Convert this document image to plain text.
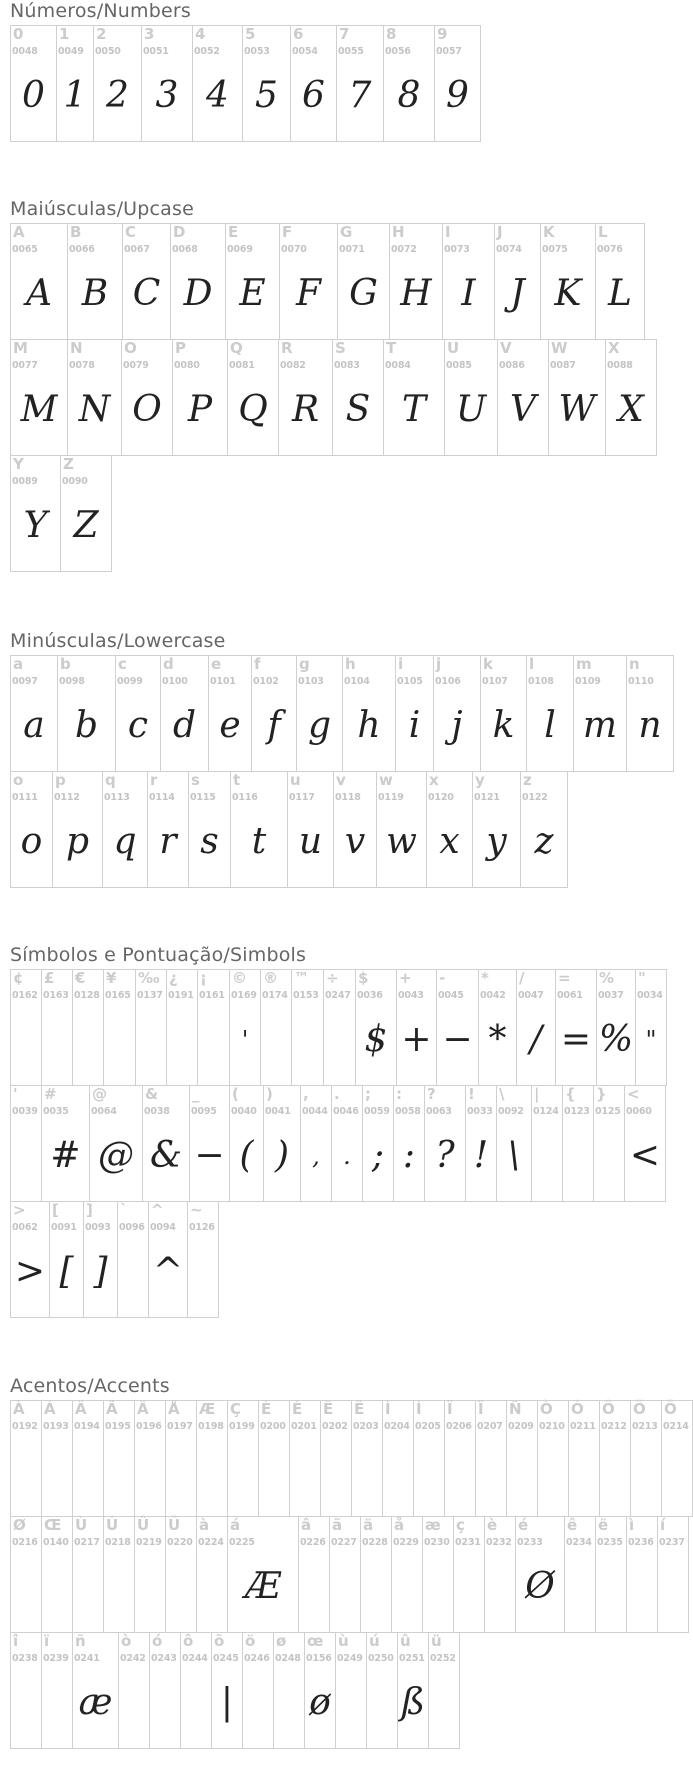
Números/Numbers
0
0048
0
1
0049
1
2
0050
2
3
0051
3
4
0052
4
5
0053
5
6
0054
6
7
0055
7
8
0056
8
9
0057
9
Maiúsculas/Upcase
A
0065
A
B
0066
B
C
0067
C
D
0068
D
E
0069
E
F
0070
F
G
0071
G
H
0072
H
I
0073
I
J
0074
J
K
0075
K
L
0076
L
M
0077
M
N
0078
N
O
0079
O
P
0080
P
Q
0081
Q
R
0082
R
S
0083
S
T
0084
T
U
0085
U
V
0086
V
W
0087
W
X
0088
X
Y
0089
Y
Z
0090
Z
Minúsculas/Lowercase
a
0097
a
b
0098
b
c
0099
c
d
0100
d
e
0101
e
f
0102
f
g
0103
g
h
0104
h
i
0105
i
j
0106
j
k
0107
k
l
0108
l
m
0109
m
n
0110
n
o
0111
o
p
0112
p
q
0113
q
r
0114
r
s
0115
s
t
0116
t
u
0117
u
v
0118
v
w
0119
w
x
0120
x
y
0121
y
z
0122
z
Símbolos e Pontuação/Simbols
¢
0162
£
0163
€
0128
¥
0165
‰
0137
¿
0191
¡
0161
©
0169
'
®
0174
™
0153
÷
0247
$
0036
$
+
0043
+
-
0045
−
*
0042
*
/
0047
/
=
0061
=
%
0037
%
"
0034
"
'
0039
#
0035
#
@
0064
@
&
0038
&
_
0095
−
(
0040
(
)
0041
)
,
0044
,
.
0046
.
;
0059
;
:
0058
:
?
0063
?
!
0033
!
\
0092
\
|
0124
{
0123
}
0125
<
0060
<
>
0062
>
[
0091
[
]
0093
]
`
0096
^
0094
^
~
0126
Acentos/Accents
À
0192
Á
0193
Â
0194
Ã
0195
Ä
0196
Å
0197
Æ
0198
Ç
0199
È
0200
É
0201
Ê
0202
Ë
0203
Ì
0204
Í
0205
Î
0206
Ï
0207
Ñ
0209
Ò
0210
Ó
0211
Ô
0212
Õ
0213
Ö
0214
Ø
0216
Œ
0140
Ù
0217
Ú
0218
Û
0219
Ü
0220
à
0224
á
0225
Æ
â
0226
ã
0227
ä
0228
å
0229
æ
0230
ç
0231
è
0232
é
0233
Ø
ê
0234
ë
0235
ì
0236
í
0237
î
0238
ï
0239
ñ
0241
æ
ò
0242
ó
0243
ô
0244
õ
0245
|
ö
0246
ø
0248
œ
0156
ø
ù
0249
ú
0250
û
0251
ß
ü
0252
